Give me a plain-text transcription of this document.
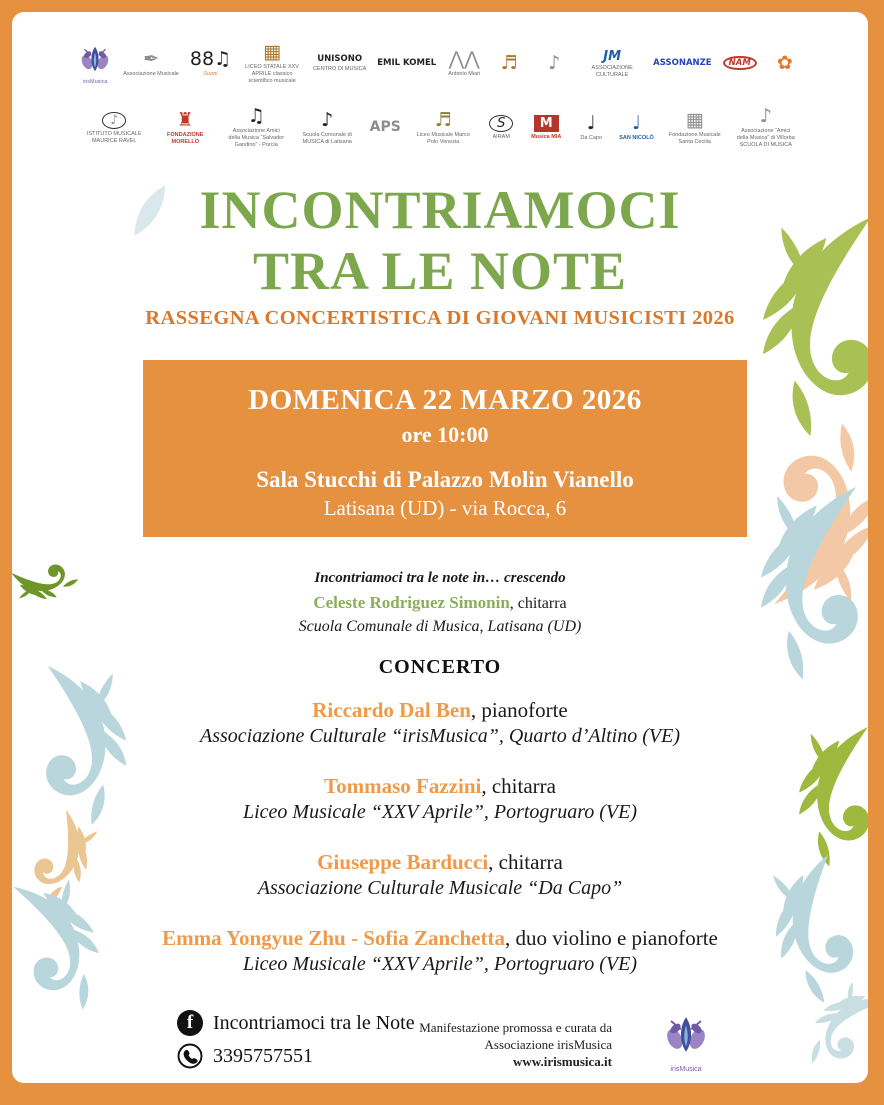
irisMusica
✒
Associazione Musicale
88♫
Suoni
▦
LICEO STATALE XXV APRILE classico scientifico musicale
UNISONO
CENTRO DI MUSICA
EMIL KOMEL ⋀⋀
Antonio Miari
♬ ♪	JM
ASSOCIAZIONE CULTURALE
ASSONANZE	NAM	✿
♪
ISTITUTO MUSICALE MAURICE RAVEL
♜
FONDAZIONE MORELLO
♫
Associazione Amici della Musica “Salvador Gandino” - Porcia
♪
Scuola Comunale di MUSICA di Latisana
APS ♬
Liceo Musicale Marco Polo Venezia
S
AIRAM
M
Musica MIA
♩
Da Capo
♩
SAN NICOLÒ
▦
Fondazione Musicale Santa Cecilia
♪
Associazione “Amici della Musica” di Villorba SCUOLA DI MUSICA
INCONTRIAMOCI
TRA LE NOTE
RASSEGNA CONCERTISTICA DI GIOVANI MUSICISTI 2026
DOMENICA 22 MARZO 2026
ore 10:00
Sala Stucchi di Palazzo Molin Vianello
Latisana (UD) - via Rocca, 6
Incontriamoci tra le note in… crescendo
Celeste Rodriguez Simonin, chitarra
Scuola Comunale di Musica, Latisana (UD)
CONCERTO
Riccardo Dal Ben, pianoforte
Associazione Culturale “irisMusica”, Quarto d’Altino (VE)
Tommaso Fazzini, chitarra
Liceo Musicale “XXV Aprile”, Portogruaro (VE)
Giuseppe Barducci, chitarra
Associazione Culturale Musicale “Da Capo”
Emma Yongyue Zhu - Sofia Zanchetta, duo violino e pianoforte
Liceo Musicale “XXV Aprile”, Portogruaro (VE)
f Incontriamoci tra le Note
3395757551
Manifestazione promossa e curata da
Associazione irisMusica
www.irismusica.it
irisMusica
